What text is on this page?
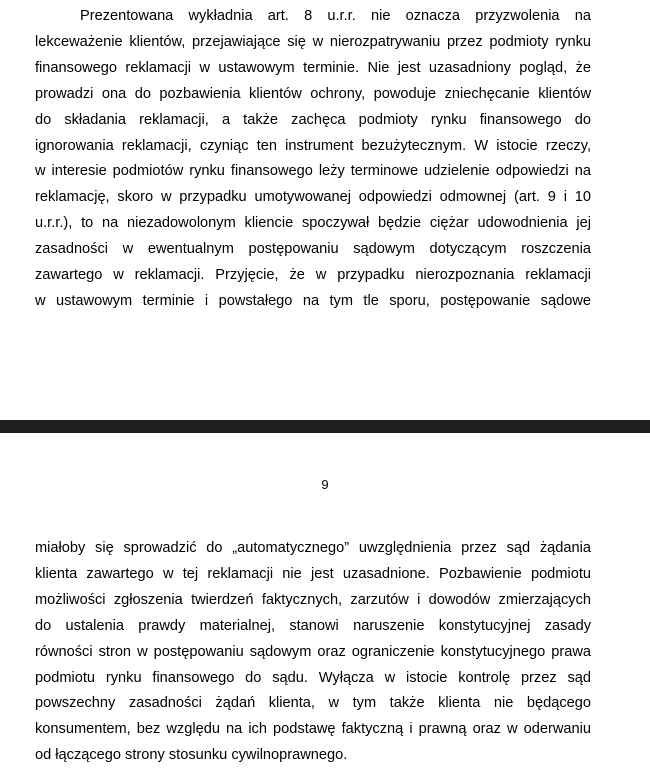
Prezentowana wykładnia art. 8 u.r.r. nie oznacza przyzwolenia na
lekceważenie klientów, przejawiające się w nierozpatrywaniu przez podmioty rynku
finansowego reklamacji w ustawowym terminie. Nie jest uzasadniony pogląd, że
prowadzi ona do pozbawienia klientów ochrony, powoduje zniechęcanie klientów
do składania reklamacji, a także zachęca podmioty rynku finansowego do
ignorowania reklamacji, czyniąc ten instrument bezużytecznym. W istocie rzeczy,
w interesie podmiotów rynku finansowego leży terminowe udzielenie odpowiedzi na
reklamację, skoro w przypadku umotywowanej odpowiedzi odmownej (art. 9 i 10
u.r.r.), to na niezadowolonym kliencie spoczywał będzie ciężar udowodnienia jej
zasadności w ewentualnym postępowaniu sądowym dotyczącym roszczenia
zawartego w reklamacji. Przyjęcie, że w przypadku nierozpoznania reklamacji
w ustawowym terminie i powstałego na tym tle sporu, postępowanie sądowe
9
miałoby się sprowadzić do „automatycznego” uwzględnienia przez sąd żądania
klienta zawartego w tej reklamacji nie jest uzasadnione. Pozbawienie podmiotu
możliwości zgłoszenia twierdzeń faktycznych, zarzutów i dowodów zmierzających
do ustalenia prawdy materialnej, stanowi naruszenie konstytucyjnej zasady
równości stron w postępowaniu sądowym oraz ograniczenie konstytucyjnego prawa
podmiotu rynku finansowego do sądu. Wyłącza w istocie kontrolę przez sąd
powszechny zasadności żądań klienta, w tym także klienta nie będącego
konsumentem, bez względu na ich podstawę faktyczną i prawną oraz w oderwaniu
od łączącego strony stosunku cywilnoprawnego.
